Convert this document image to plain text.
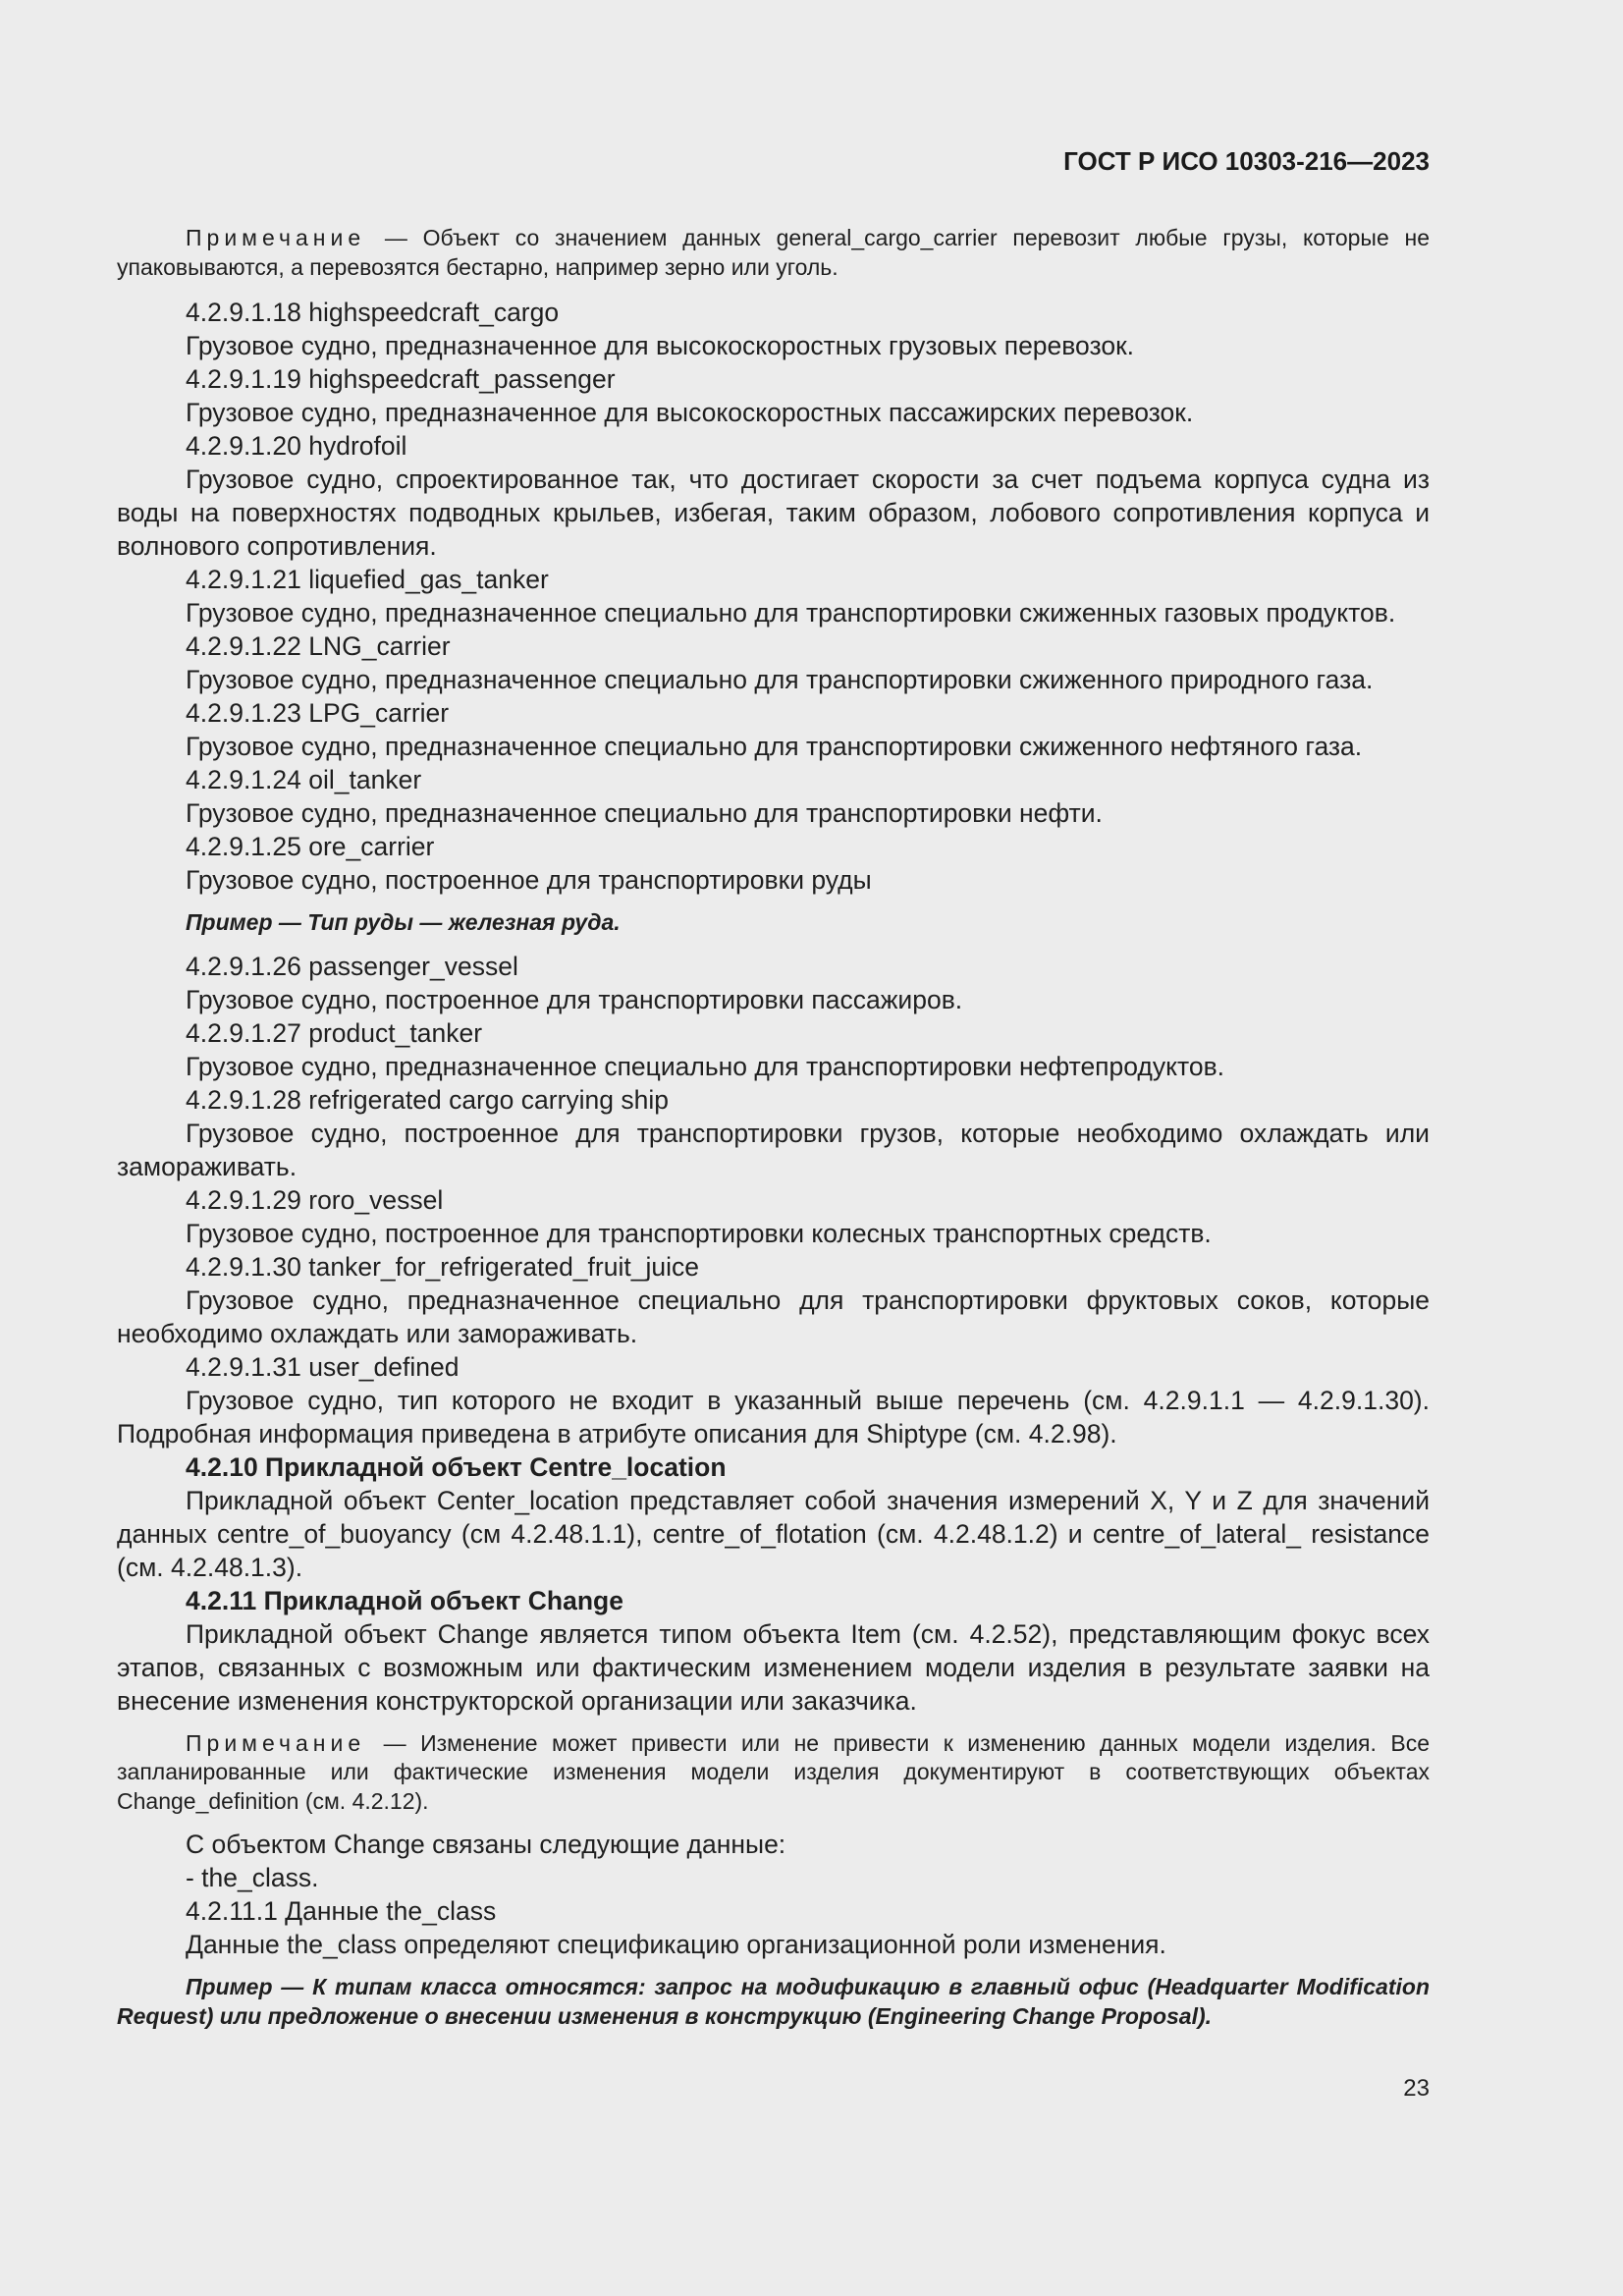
ГОСТ Р ИСО 10303-216—2023

Примечание — Объект со значением данных general_cargo_carrier перевозит любые грузы, которые не упаковываются, а перевозятся бестарно, например зерно или уголь.

4.2.9.1.18 highspeedcraft_cargo

Грузовое судно, предназначенное для высокоскоростных грузовых перевозок.

4.2.9.1.19 highspeedcraft_passenger

Грузовое судно, предназначенное для высокоскоростных пассажирских перевозок.

4.2.9.1.20 hydrofoil

Грузовое судно, спроектированное так, что достигает скорости за счет подъема корпуса судна из воды на поверхностях подводных крыльев, избегая, таким образом, лобового сопротивления корпуса и волнового сопротивления.

4.2.9.1.21 liquefied_gas_tanker

Грузовое судно, предназначенное специально для транспортировки сжиженных газовых продуктов.

4.2.9.1.22 LNG_carrier

Грузовое судно, предназначенное специально для транспортировки сжиженного природного газа.

4.2.9.1.23 LPG_carrier

Грузовое судно, предназначенное специально для транспортировки сжиженного нефтяного газа.

4.2.9.1.24 oil_tanker

Грузовое судно, предназначенное специально для транспортировки нефти.

4.2.9.1.25 ore_carrier

Грузовое судно, построенное для транспортировки руды

Пример — Тип руды — железная руда.

4.2.9.1.26 passenger_vessel

Грузовое судно, построенное для транспортировки пассажиров.

4.2.9.1.27 product_tanker

Грузовое судно, предназначенное специально для транспортировки нефтепродуктов.

4.2.9.1.28 refrigerated cargo carrying ship

Грузовое судно, построенное для транспортировки грузов, которые необходимо охлаждать или замораживать.

4.2.9.1.29 roro_vessel

Грузовое судно, построенное для транспортировки колесных транспортных средств.

4.2.9.1.30 tanker_for_refrigerated_fruit_juice

Грузовое судно, предназначенное специально для транспортировки фруктовых соков, которые необходимо охлаждать или замораживать.

4.2.9.1.31 user_defined

Грузовое судно, тип которого не входит в указанный выше перечень (см. 4.2.9.1.1 — 4.2.9.1.30). Подробная информация приведена в атрибуте описания для Shiptype (см. 4.2.98).

4.2.10 Прикладной объект Centre_location

Прикладной объект Center_location представляет собой значения измерений X, Y и Z для значений данных centre_of_buoyancy (см 4.2.48.1.1), centre_of_flotation (см. 4.2.48.1.2) и centre_of_lateral_ resistance (см. 4.2.48.1.3).

4.2.11 Прикладной объект Change

Прикладной объект Change является типом объекта Item (см. 4.2.52), представляющим фокус всех этапов, связанных с возможным или фактическим изменением модели изделия в результате заявки на внесение изменения конструкторской организации или заказчика.

Примечание — Изменение может привести или не привести к изменению данных модели изделия. Все запланированные или фактические изменения модели изделия документируют в соответствующих объектах Change_definition (см. 4.2.12).

С объектом Change связаны следующие данные:

- the_class.

4.2.11.1 Данные the_class

Данные the_class определяют спецификацию организационной роли изменения.

Пример — К типам класса относятся: запрос на модификацию в главный офис (Headquarter Modification Request) или предложение о внесении изменения в конструкцию (Engineering Change Proposal).

23
